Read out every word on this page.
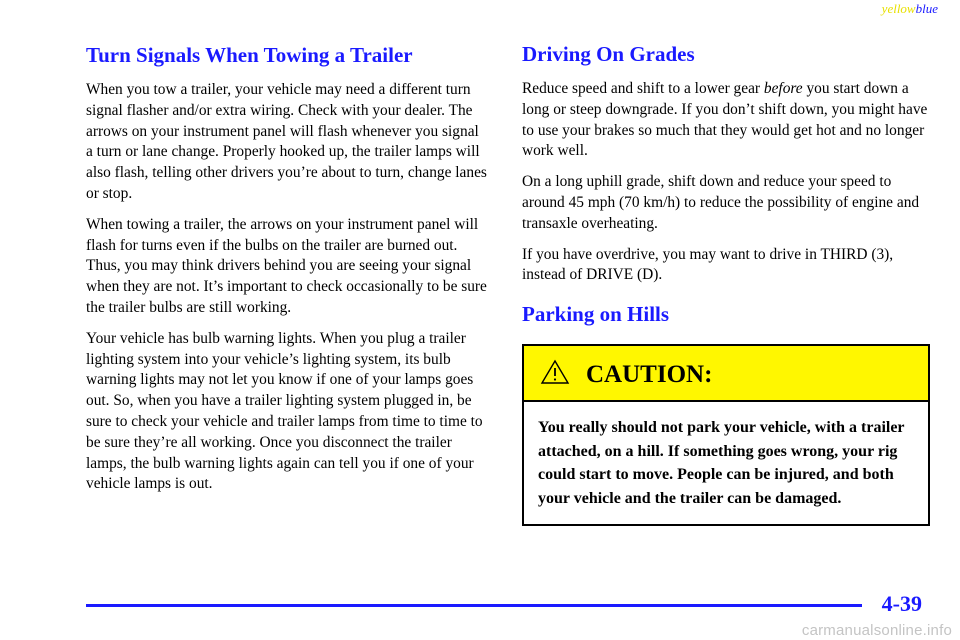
yellowblue
Turn Signals When Towing a Trailer

When you tow a trailer, your vehicle may need a different turn signal flasher and/or extra wiring. Check with your dealer. The arrows on your instrument panel will flash whenever you signal a turn or lane change. Properly hooked up, the trailer lamps will also flash, telling other drivers you’re about to turn, change lanes or stop.

When towing a trailer, the arrows on your instrument panel will flash for turns even if the bulbs on the trailer are burned out. Thus, you may think drivers behind you are seeing your signal when they are not. It’s important to check occasionally to be sure the trailer bulbs are still working.

Your vehicle has bulb warning lights. When you plug a trailer lighting system into your vehicle’s lighting system, its bulb warning lights may not let you know if one of your lamps goes out. So, when you have a trailer lighting system plugged in, be sure to check your vehicle and trailer lamps from time to time to be sure they’re all working. Once you disconnect the trailer lamps, the bulb warning lights again can tell you if one of your vehicle lamps is out.

Driving On Grades

Reduce speed and shift to a lower gear before you start down a long or steep downgrade. If you don’t shift down, you might have to use your brakes so much that they would get hot and no longer work well.

On a long uphill grade, shift down and reduce your speed to around 45 mph (70 km/h) to reduce the possibility of engine and transaxle overheating.

If you have overdrive, you may want to drive in THIRD (3), instead of DRIVE (D).

Parking on Hills
CAUTION:
You really should not park your vehicle, with a trailer attached, on a hill. If something goes wrong, your rig could start to move. People can be injured, and both your vehicle and the trailer can be damaged.
4-39
carmanualsonline.info
